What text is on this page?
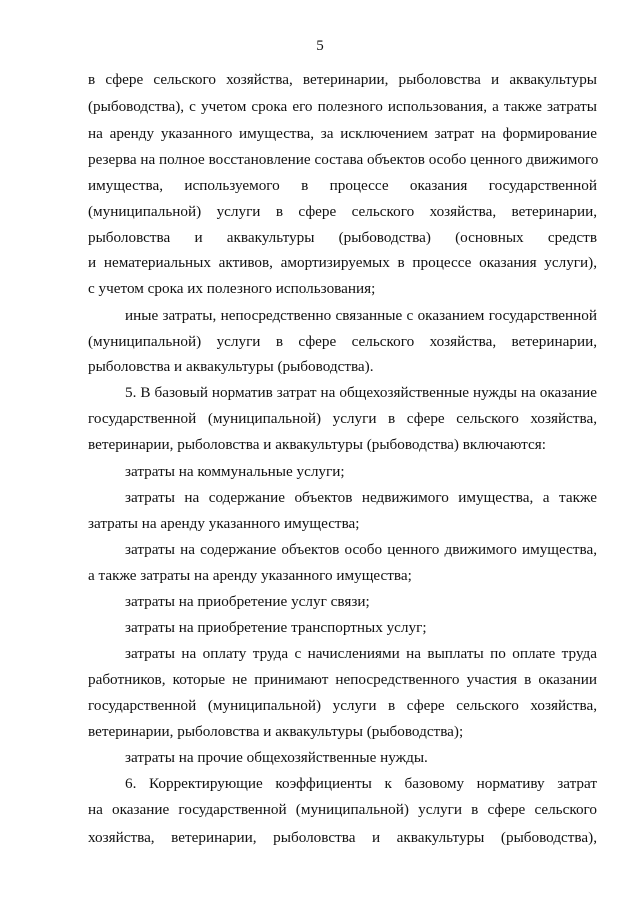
5
в сфере сельского хозяйства, ветеринарии, рыболовства и аквакультуры
(рыбоводства), с учетом срока его полезного использования, а также затраты
на аренду указанного имущества, за исключением затрат на формирование
резерва на полное восстановление состава объектов особо ценного движимого
имущества, используемого в процессе оказания государственной
(муниципальной) услуги в сфере сельского хозяйства, ветеринарии,
рыболовства и аквакультуры (рыбоводства) (основных средств
и нематериальных активов, амортизируемых в процессе оказания услуги),
с учетом срока их полезного использования;
иные затраты, непосредственно связанные с оказанием государственной
(муниципальной) услуги в сфере сельского хозяйства, ветеринарии,
рыболовства и аквакультуры (рыбоводства).
5. В базовый норматив затрат на общехозяйственные нужды на оказание
государственной (муниципальной) услуги в сфере сельского хозяйства,
ветеринарии, рыболовства и аквакультуры (рыбоводства) включаются:
затраты на коммунальные услуги;
затраты на содержание объектов недвижимого имущества, а также
затраты на аренду указанного имущества;
затраты на содержание объектов особо ценного движимого имущества,
а также затраты на аренду указанного имущества;
затраты на приобретение услуг связи;
затраты на приобретение транспортных услуг;
затраты на оплату труда с начислениями на выплаты по оплате труда
работников, которые не принимают непосредственного участия в оказании
государственной (муниципальной) услуги в сфере сельского хозяйства,
ветеринарии, рыболовства и аквакультуры (рыбоводства);
затраты на прочие общехозяйственные нужды.
6. Корректирующие коэффициенты к базовому нормативу затрат
на оказание государственной (муниципальной) услуги в сфере сельского
хозяйства, ветеринарии, рыболовства и аквакультуры (рыбоводства),
